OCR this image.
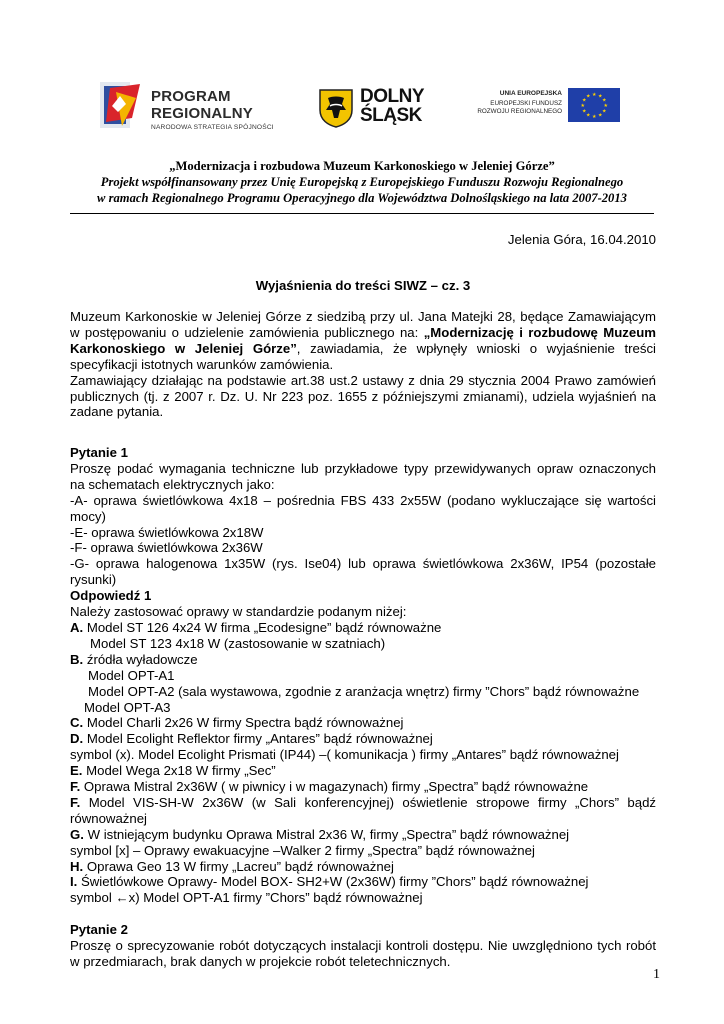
PROGRAM
REGIONALNY
NARODOWA STRATEGIA SPÓJNOŚCI
DOLNY
ŚLĄSK
UNIA EUROPEJSKA
EUROPEJSKI FUNDUSZ
ROZWOJU REGIONALNEGO
★ ★
★
★
★
★
★
★
★
★
★
★
„Modernizacja i rozbudowa Muzeum Karkonoskiego w Jeleniej Górze”
Projekt współfinansowany przez Unię Europejską z Europejskiego Funduszu Rozwoju Regionalnego
w ramach Regionalnego Programu Operacyjnego dla Województwa Dolnośląskiego na lata 2007-2013
Jelenia Góra, 16.04.2010
Wyjaśnienia do treści SIWZ – cz. 3
Muzeum Karkonoskie w Jeleniej Górze z siedzibą przy ul. Jana Matejki 28, będące Zamawiającym
w postępowaniu o udzielenie zamówienia publicznego na: „Modernizację i rozbudowę Muzeum
Karkonoskiego w Jeleniej Górze”, zawiadamia, że wpłynęły wnioski o wyjaśnienie treści
specyfikacji istotnych warunków zamówienia.
Zamawiający działając na podstawie art.38 ust.2 ustawy z dnia 29 stycznia 2004 Prawo zamówień
publicznych (tj. z 2007 r. Dz. U. Nr 223 poz. 1655 z późniejszymi zmianami), udziela wyjaśnień na
zadane pytania.
Pytanie 1
Proszę podać wymagania techniczne lub przykładowe typy przewidywanych opraw oznaczonych
na schematach elektrycznych jako:
-A- oprawa świetlówkowa 4x18 – pośrednia FBS 433 2x55W (podano wykluczające się wartości
mocy)
-E- oprawa świetlówkowa 2x18W
-F- oprawa świetlówkowa 2x36W
-G- oprawa halogenowa 1x35W (rys. Ise04) lub oprawa świetlówkowa 2x36W, IP54 (pozostałe
rysunki)
Odpowiedź 1
Należy zastosować oprawy w standardzie podanym niżej:
A. Model ST 126 4x24 W firma „Ecodesigne” bądź równoważne
Model ST 123 4x18 W (zastosowanie w szatniach)
B. źródła wyładowcze
Model OPT-A1
Model OPT-A2 (sala wystawowa, zgodnie z aranżacja wnętrz) firmy ”Chors” bądź równoważne
Model OPT-A3
C. Model Charli 2x26 W firmy Spectra bądź równoważnej
D. Model Ecolight Reflektor firmy „Antares” bądź równoważnej
symbol (x). Model Ecolight Prismati (IP44) –( komunikacja ) firmy „Antares” bądź równoważnej
E. Model Wega 2x18 W firmy „Sec”
F. Oprawa Mistral 2x36W ( w piwnicy i w magazynach) firmy „Spectra” bądź równoważne
F. Model VIS-SH-W 2x36W (w Sali konferencyjnej) oświetlenie stropowe firmy „Chors” bądź
równoważnej
G. W istniejącym budynku Oprawa Mistral 2x36 W, firmy „Spectra” bądź równoważnej
symbol [x] – Oprawy ewakuacyjne –Walker 2 firmy „Spectra” bądź równoważnej
H. Oprawa Geo 13 W firmy „Lacreu” bądź równoważnej
I. Świetlówkowe Oprawy- Model BOX- SH2+W (2x36W) firmy ”Chors” bądź równoważnej
symbol ←x) Model OPT-A1 firmy ”Chors” bądź równoważnej
Pytanie 2
Proszę o sprecyzowanie robót dotyczących instalacji kontroli dostępu. Nie uwzględniono tych robót
w przedmiarach, brak danych w projekcie robót teletechnicznych.
1
